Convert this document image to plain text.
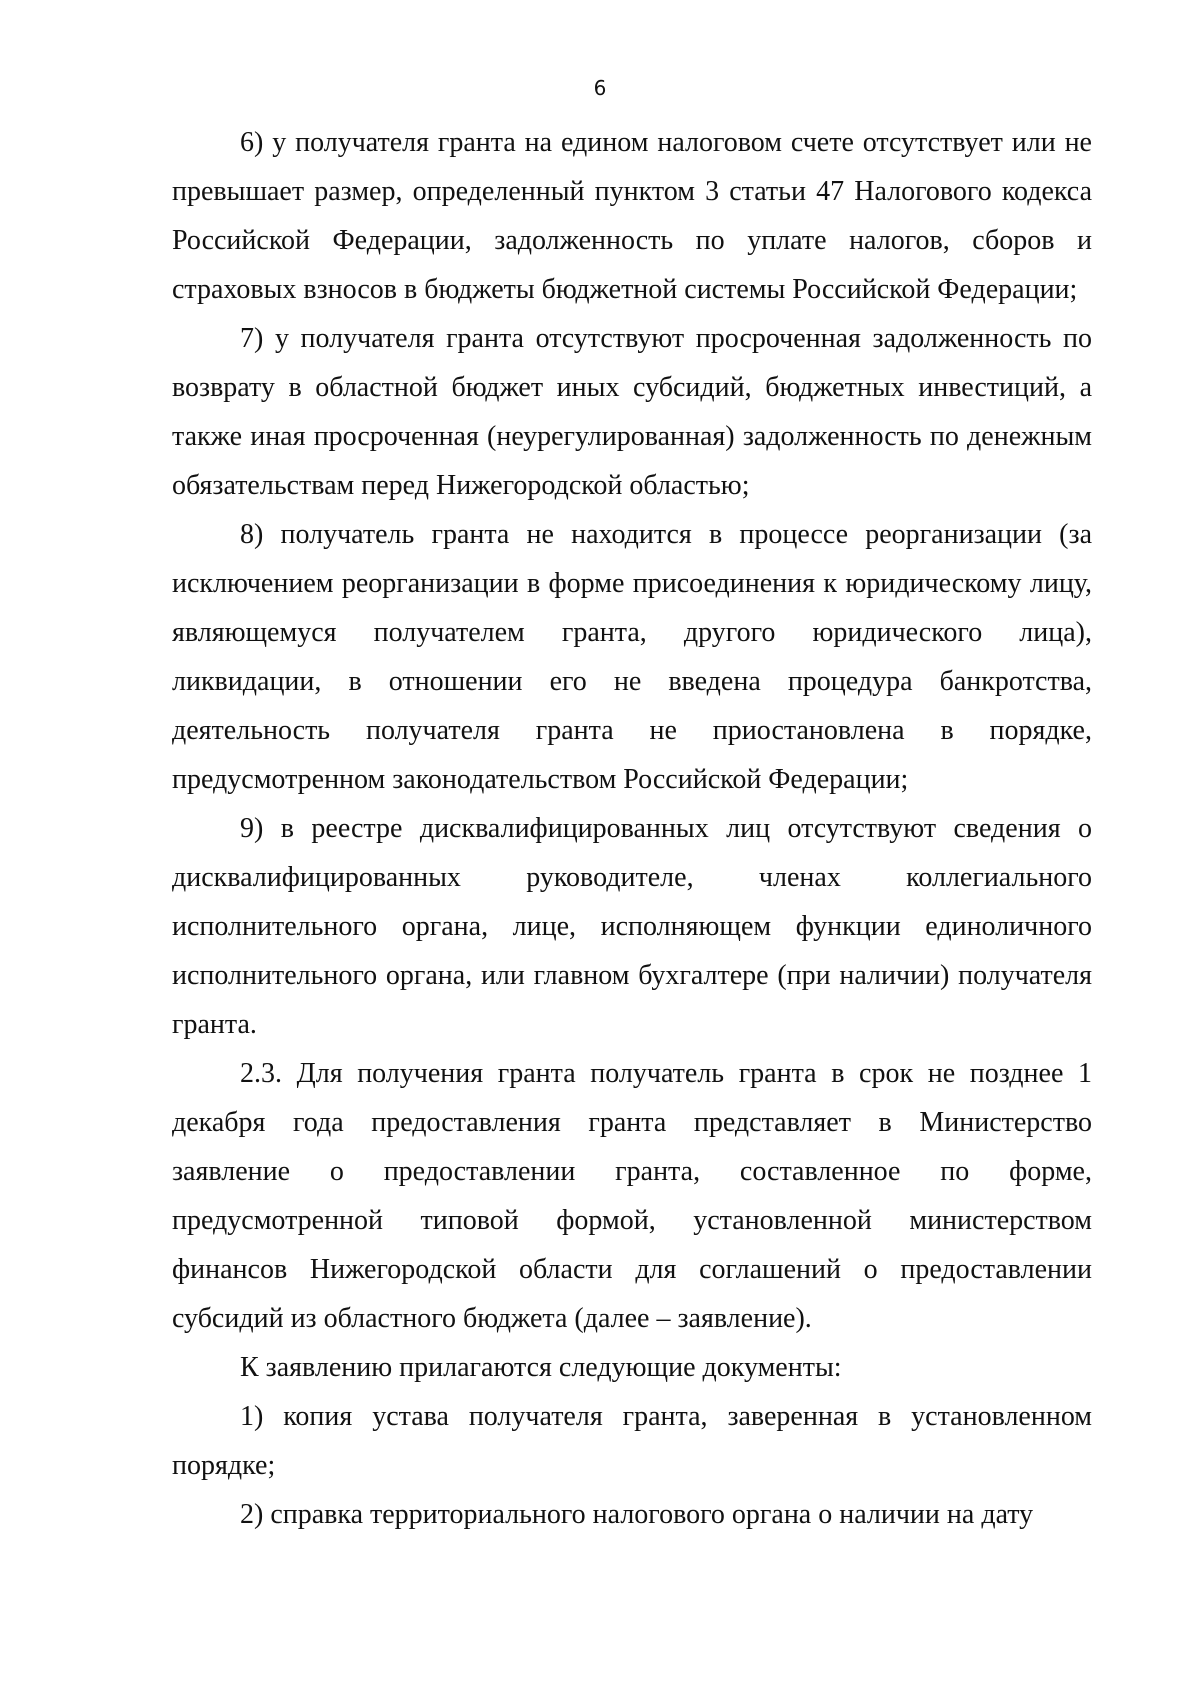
6

6) у получателя гранта на едином налоговом счете отсутствует или не превышает размер, определенный пунктом 3 статьи 47 Налогового кодекса Российской Федерации, задолженность по уплате налогов, сборов и страховых взносов в бюджеты бюджетной системы Российской Федерации;

7) у получателя гранта отсутствуют просроченная задолженность по возврату в областной бюджет иных субсидий, бюджетных инвестиций, а также иная просроченная (неурегулированная) задолженность по денежным обязательствам перед Нижегородской областью;

8) получатель гранта не находится в процессе реорганизации (за исключением реорганизации в форме присоединения к юридическому лицу, являющемуся получателем гранта, другого юридического лица), ликвидации, в отношении его не введена процедура банкротства, деятельность получателя гранта не приостановлена в порядке, предусмотренном законодательством Российской Федерации;

9) в реестре дисквалифицированных лиц отсутствуют сведения о дисквалифицированных руководителе, членах коллегиального исполнительного органа, лице, исполняющем функции единоличного исполнительного органа, или главном бухгалтере (при наличии) получателя гранта.

2.3. Для получения гранта получатель гранта в срок не позднее 1 декабря года предоставления гранта представляет в Министерство заявление о предоставлении гранта, составленное по форме, предусмотренной типовой формой, установленной министерством финансов Нижегородской области для соглашений о предоставлении субсидий из областного бюджета (далее – заявление).

К заявлению прилагаются следующие документы:

1) копия устава получателя гранта, заверенная в установленном порядке;

2) справка территориального налогового органа о наличии на дату
